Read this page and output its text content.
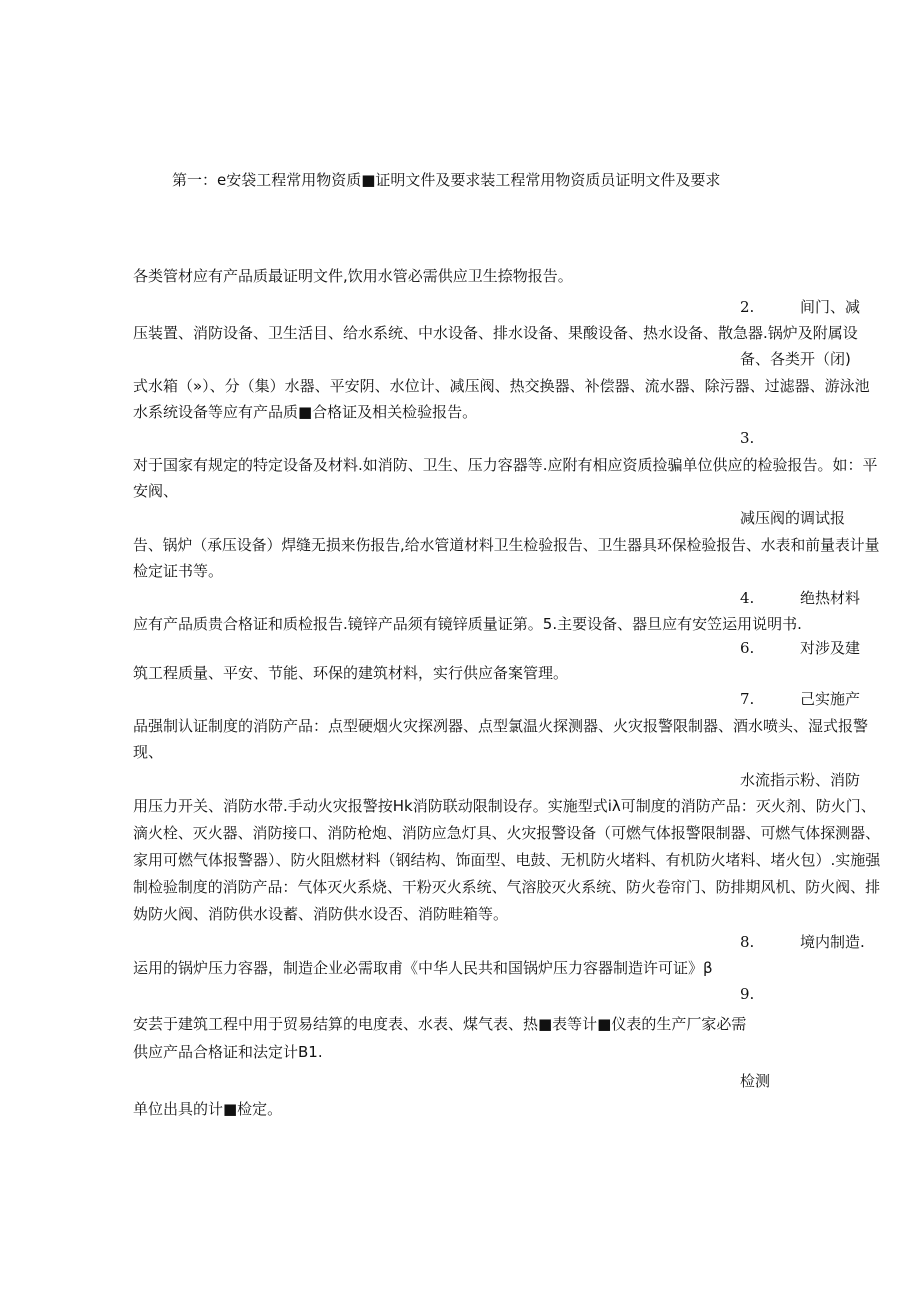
第一：e安袋工程常用物资质■证明文件及要求装工程常用物资质员证明文件及要求
各类管材应有产品质最证明文件,饮用水管必需供应卫生捺物报告。
2.	间门、减
压装置、消防设备、卫生活目、给水系统、中水设备、排水设备、果酸设备、热水设备、散急器.锅炉及附属设
备、各类开（闭)
式水箱（»）、分（集）水器、平安阴、水位计、减压阀、热交换器、补偿器、流水器、除污器、过滤器、游泳池
水系统设备等应有产品质■合格证及相关检验报告。
3.
对于国家有规定的特定设备及材料.如消防、卫生、压力容器等.应附有相应资质捡骗单位供应的检验报告。如：平
安阀、
减压阀的调试报
告、锅炉（承压设备）焊缝无损来伤报告,给水管道材料卫生检验报告、卫生器具环保检验报告、水表和前量表计量
检定证书等。
4.	绝热材料
应有产品质贵合格证和质检报告.镜锌产品须有镜锌质量证第。5.主要设备、器旦应有安笠运用说明书.
6.	对涉及建
筑工程质量、平安、节能、环保的建筑材料，实行供应备案管理。
7.	己实施产
品强制认证制度的消防产品：点型硬烟火灾探冽器、点型氯温火探测器、火灾报警限制器、酒水喷头、湿式报警
现、
水流指示粉、消防
用压力开关、消防水带.手动火灾报警按Hk消防联动限制设存。实施型式iλ可制度的消防产品：灭火剂、防火门、
滴火栓、灭火器、消防接口、消防枪炮、消防应急灯具、火灾报警设备（可燃气体报警限制器、可燃气体探测器、
家用可燃气体报警器）、防火阻燃材料（钢结构、饰面型、电鼓、无机防火堵料、有机防火堵料、堵火包）.实施强
制检验制度的消防产品：气体灭火系烧、干粉灭火系统、气溶胶灭火系统、防火卷帘门、防排期风机、防火阀、排
妫防火阀、消防供水设蓄、消防供水设否、消防畦箱等。
8.	境内制造.
运用的锅炉压力容器，制造企业必需取甫《中华人民共和国锅炉压力容器制造许可证》β
9.
安芸于建筑工程中用于贸易结算的电度表、水表、煤气表、热■表等计■仪表的生产厂家必需
供应产品合格证和法定计B1.
检测
单位出具的计■检定。
